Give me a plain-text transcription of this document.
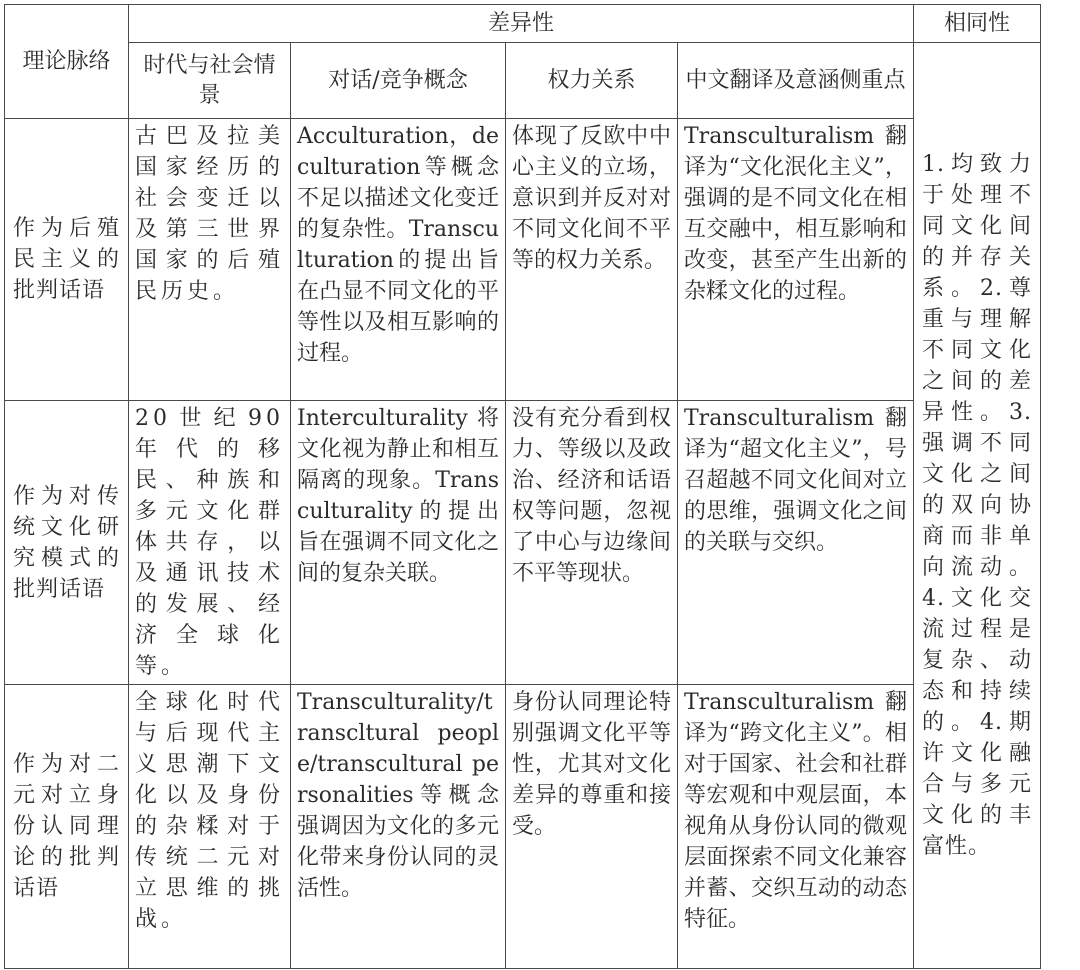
理论脉络	差异性				相同性
	时代与社会情景	对话/竞争概念	权力关系	中文翻译及意涵侧重点	1.均致力于处理不同文化间的并存关系。2.尊重与理解不同文化之间的差异性。3.强调不同文化之间的双向协商而非单向流动。4.文化交流过程是复杂、动态和持续的。4.期许文化融合与多元文化的丰富性。
作为后殖民主义的批判话语	古巴及拉美国家经历的社会变迁以及第三世界国家的后殖民历史。	Acculturation，deculturation等概念不足以描述文化变迁的复杂性。Transculturation的提出旨在凸显不同文化的平等性以及相互影响的过程。	体现了反欧中中心主义的立场，意识到并反对对不同文化间不平等的权力关系。	Transculturalism翻译为“文化泯化主义”，强调的是不同文化在相互交融中，相互影响和改变，甚至产生出新的杂糅文化的过程。	
作为对传统文化研究模式的批判话语	20世纪90年代的移民、种族和多元文化群体共存，以及通讯技术的发展、经济全球化等。	Interculturality将文化视为静止和相互隔离的现象。Transculturality的提出旨在强调不同文化之间的复杂关联。	没有充分看到权力、等级以及政治、经济和话语权等问题，忽视了中心与边缘间不平等现状。	Transculturalism翻译为“超文化主义”，号召超越不同文化间对立的思维，强调文化之间的关联与交织。	
作为对二元对立身份认同理论的批判话语	全球化时代与后现代主义思潮下文化以及身份的杂糅对于传统二元对立思维的挑战。	Transculturality/transcltural people/transcultural personalities等概念强调因为文化的多元化带来身份认同的灵活性。	身份认同理论特别强调文化平等性，尤其对文化差异的尊重和接受。	Transculturalism翻译为“跨文化主义”。相对于国家、社会和社群等宏观和中观层面，本视角从身份认同的微观层面探索不同文化兼容并蓄、交织互动的动态特征。	
